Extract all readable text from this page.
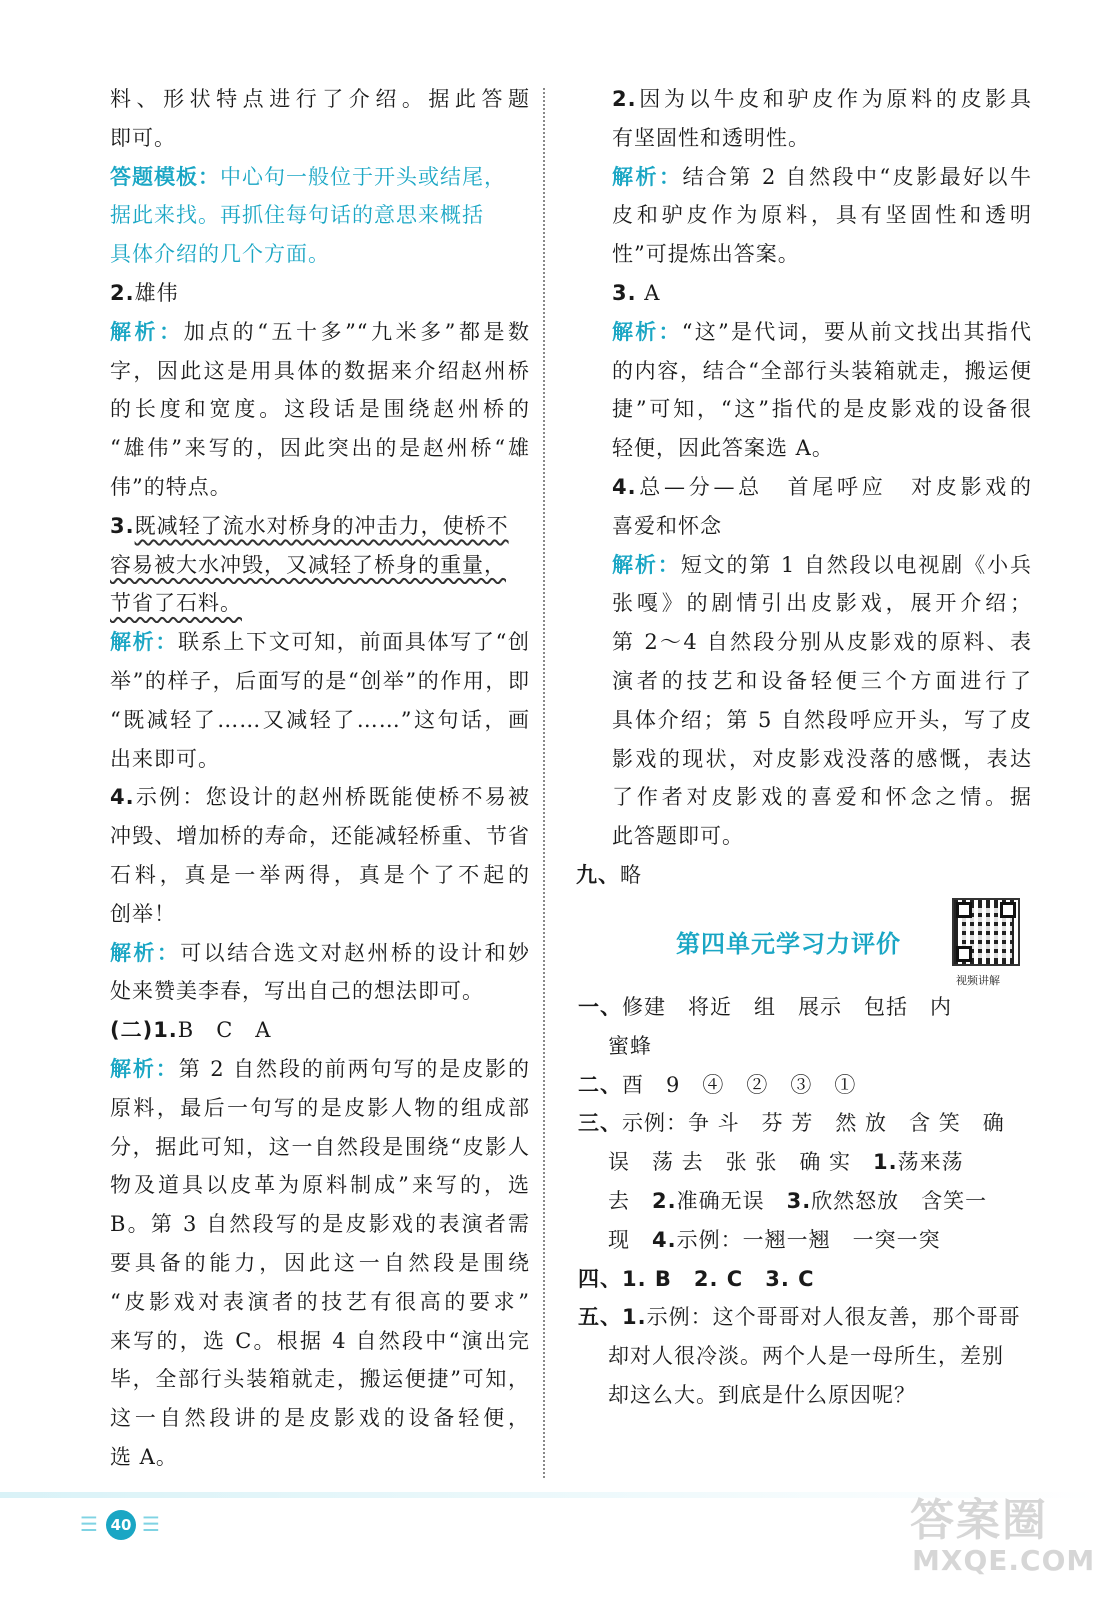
料、形状特点进行了介绍。据此答题
即可。
答题模板：中心句一般位于开头或结尾，
据此来找。再抓住每句话的意思来概括
具体介绍的几个方面。
2.雄伟
解析：加点的“五十多”“九米多”都是数
字，因此这是用具体的数据来介绍赵州桥
的长度和宽度。这段话是围绕赵州桥的
“雄伟”来写的，因此突出的是赵州桥“雄
伟”的特点。
3.既减轻了流水对桥身的冲击力，使桥不
容易被大水冲毁，又减轻了桥身的重量，
节省了石料。
解析：联系上下文可知，前面具体写了“创
举”的样子，后面写的是“创举”的作用，即
“既减轻了……又减轻了……”这句话，画
出来即可。
4.示例：您设计的赵州桥既能使桥不易被
冲毁、增加桥的寿命，还能减轻桥重、节省
石料，真是一举两得，真是个了不起的
创举！
解析：可以结合选文对赵州桥的设计和妙
处来赞美李春，写出自己的想法即可。
(二)1.B　C　A
解析：第 2 自然段的前两句写的是皮影的
原料，最后一句写的是皮影人物的组成部
分，据此可知，这一自然段是围绕“皮影人
物及道具以皮革为原料制成”来写的，选
B。第 3 自然段写的是皮影戏的表演者需
要具备的能力，因此这一自然段是围绕
“皮影戏对表演者的技艺有很高的要求”
来写的，选 C。根据 4 自然段中“演出完
毕，全部行头装箱就走，搬运便捷”可知，
这一自然段讲的是皮影戏的设备轻便，
选 A。
2.因为以牛皮和驴皮作为原料的皮影具
有坚固性和透明性。
解析：结合第 2 自然段中“皮影最好以牛
皮和驴皮作为原料，具有坚固性和透明
性”可提炼出答案。
3. A
解析：“这”是代词，要从前文找出其指代
的内容，结合“全部行头装箱就走，搬运便
捷”可知，“这”指代的是皮影戏的设备很
轻便，因此答案选 A。
4.总—分—总　首尾呼应　对皮影戏的
喜爱和怀念
解析：短文的第 1 自然段以电视剧《小兵
张嘎》的剧情引出皮影戏，展开介绍；
第 2～4 自然段分别从皮影戏的原料、表
演者的技艺和设备轻便三个方面进行了
具体介绍；第 5 自然段呼应开头，写了皮
影戏的现状，对皮影戏没落的感慨，表达
了作者对皮影戏的喜爱和怀念之情。据
此答题即可。
九、略
第四单元学习力评价
视频讲解
一、修建　将近　组　展示　包括　内
蜜蜂
二、酉　9　④　②　③　①
三、示例：争 斗　芬 芳　然 放　含 笑　确
误　荡 去　张 张　确 实　1.荡来荡
去　2.准确无误　3.欣然怒放　含笑一
现　4.示例：一翘一翘　一突一突
四、1. B　2. C　3. C
五、1.示例：这个哥哥对人很友善，那个哥哥
却对人很冷淡。两个人是一母所生，差别
却这么大。到底是什么原因呢？
☰ 40 ☰	答案圈
MXQE.COM
